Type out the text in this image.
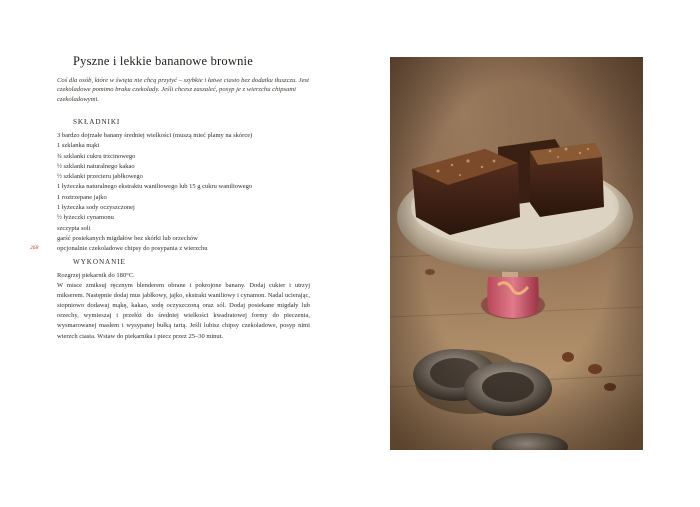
Pyszne i lekkie bananowe brownie

Coś dla osób, które w święta nie chcą przytyć – szybkie i łatwe ciasto bez dodatku tłuszczu. Jest czekoladowe pomimo braku czekolady. Jeśli chcesz zaszaleć, posyp je z wierzchu chipsami czekoladowymi.

SKŁADNIKI
3 bardzo dojrzałe banany średniej wielkości (muszą mieć plamy na skórce)
1 szklanka mąki
¾ szklanki cukru trzcinowego
½ szklanki naturalnego kakao
½ szklanki przecieru jabłkowego
1 łyżeczka naturalnego ekstraktu waniliowego lub 15 g cukru waniliowego
1 roztrzepane jajko
1 łyżeczka sody oczyszczonej
½ łyżeczki cynamonu
szczypta soli
garść posiekanych migdałów bez skórki lub orzechów
opcjonalnie czekoladowe chipsy do posypania z wierzchu
268
WYKONANIE

Rozgrzej piekarnik do 180°C.

W misce zmiksuj ręcznym blenderem obrane i pokrojone banany. Dodaj cukier i utrzyj mikserem. Następnie dodaj mus jabłkowy, jajko, ekstrakt waniliowy i cynamon. Nadal ucierając, stopniowo dodawaj mąkę, kakao, sodę oczyszczoną oraz sól. Dodaj posiekane migdały lub orzechy, wymieszaj i przełóż do średniej wielkości kwadratowej formy do pieczenia, wysmarowanej masłem i wysypanej bułką tartą. Jeśli lubisz chipsy czekoladowe, posyp nimi wierzch ciasta. Wstaw do piekarnika i piecz przez 25–30 minut.
